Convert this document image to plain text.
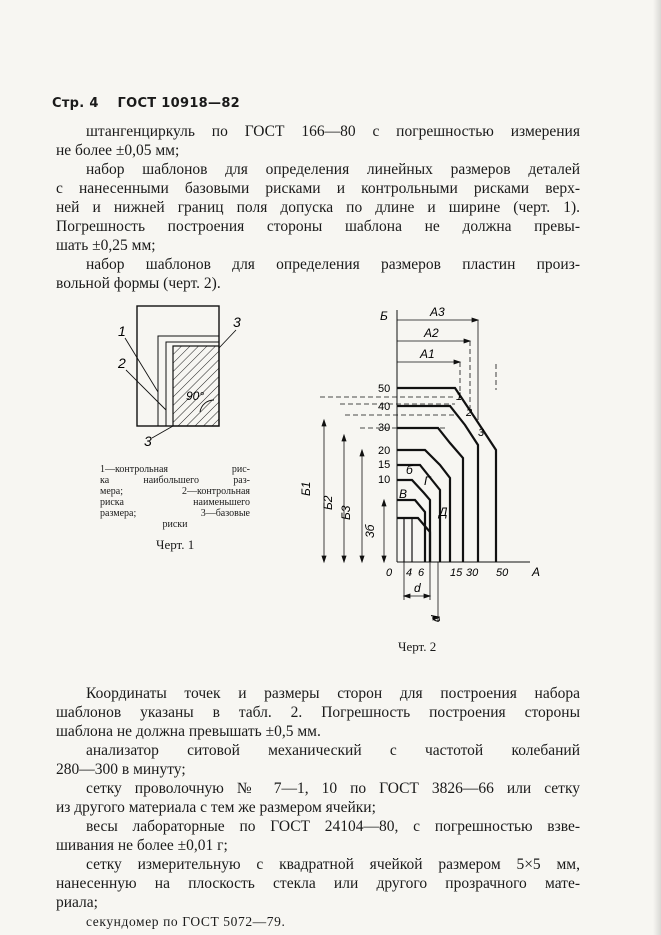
Стр. 4 ГОСТ 10918—82

штангенциркуль по ГОСТ 166—80 с погрешностью измерения

не более ±0,05 мм;

набор шаблонов для определения линейных размеров деталей

с нанесенными базовыми рисками и контрольными рисками верх-

ней и нижней границ поля допуска по длине и ширине (черт. 1).

Погрешность построения стороны шаблона не должна превы-

шать ±0,25 мм;

набор шаблонов для определения размеров пластин произ-

вольной формы (черт. 2).

1
2
3
3
90°

1—контрольная рис-

ка наибольшего раз-

мера; 2—контрольная

риска наименьшего

размера; 3—базовые

риски

Черт. 1
Б	А3
А2
А1
50
40
30
20
15
10
Б1
Б2
Б3
3б
б
В
Г
Д
1
2
3
0 4 6 15 30 50 А
d
d
Черт. 2

Координаты точек и размеры сторон для построения набора

шаблонов указаны в табл. 2. Погрешность построения стороны

шаблона не должна превышать ±0,5 мм.

анализатор ситовой механический с частотой колебаний

280—300 в минуту;

сетку проволочную № 7—1, 10 по ГОСТ 3826—66 или сетку

из другого материала с тем же размером ячейки;

весы лабораторные по ГОСТ 24104—80, с погрешностью взве-

шивания не более ±0,01 г;

сетку измерительную с квадратной ячейкой размером 5×5 мм,

нанесенную на плоскость стекла или другого прозрачного мате-

риала;

секундомер по ГОСТ 5072—79.
